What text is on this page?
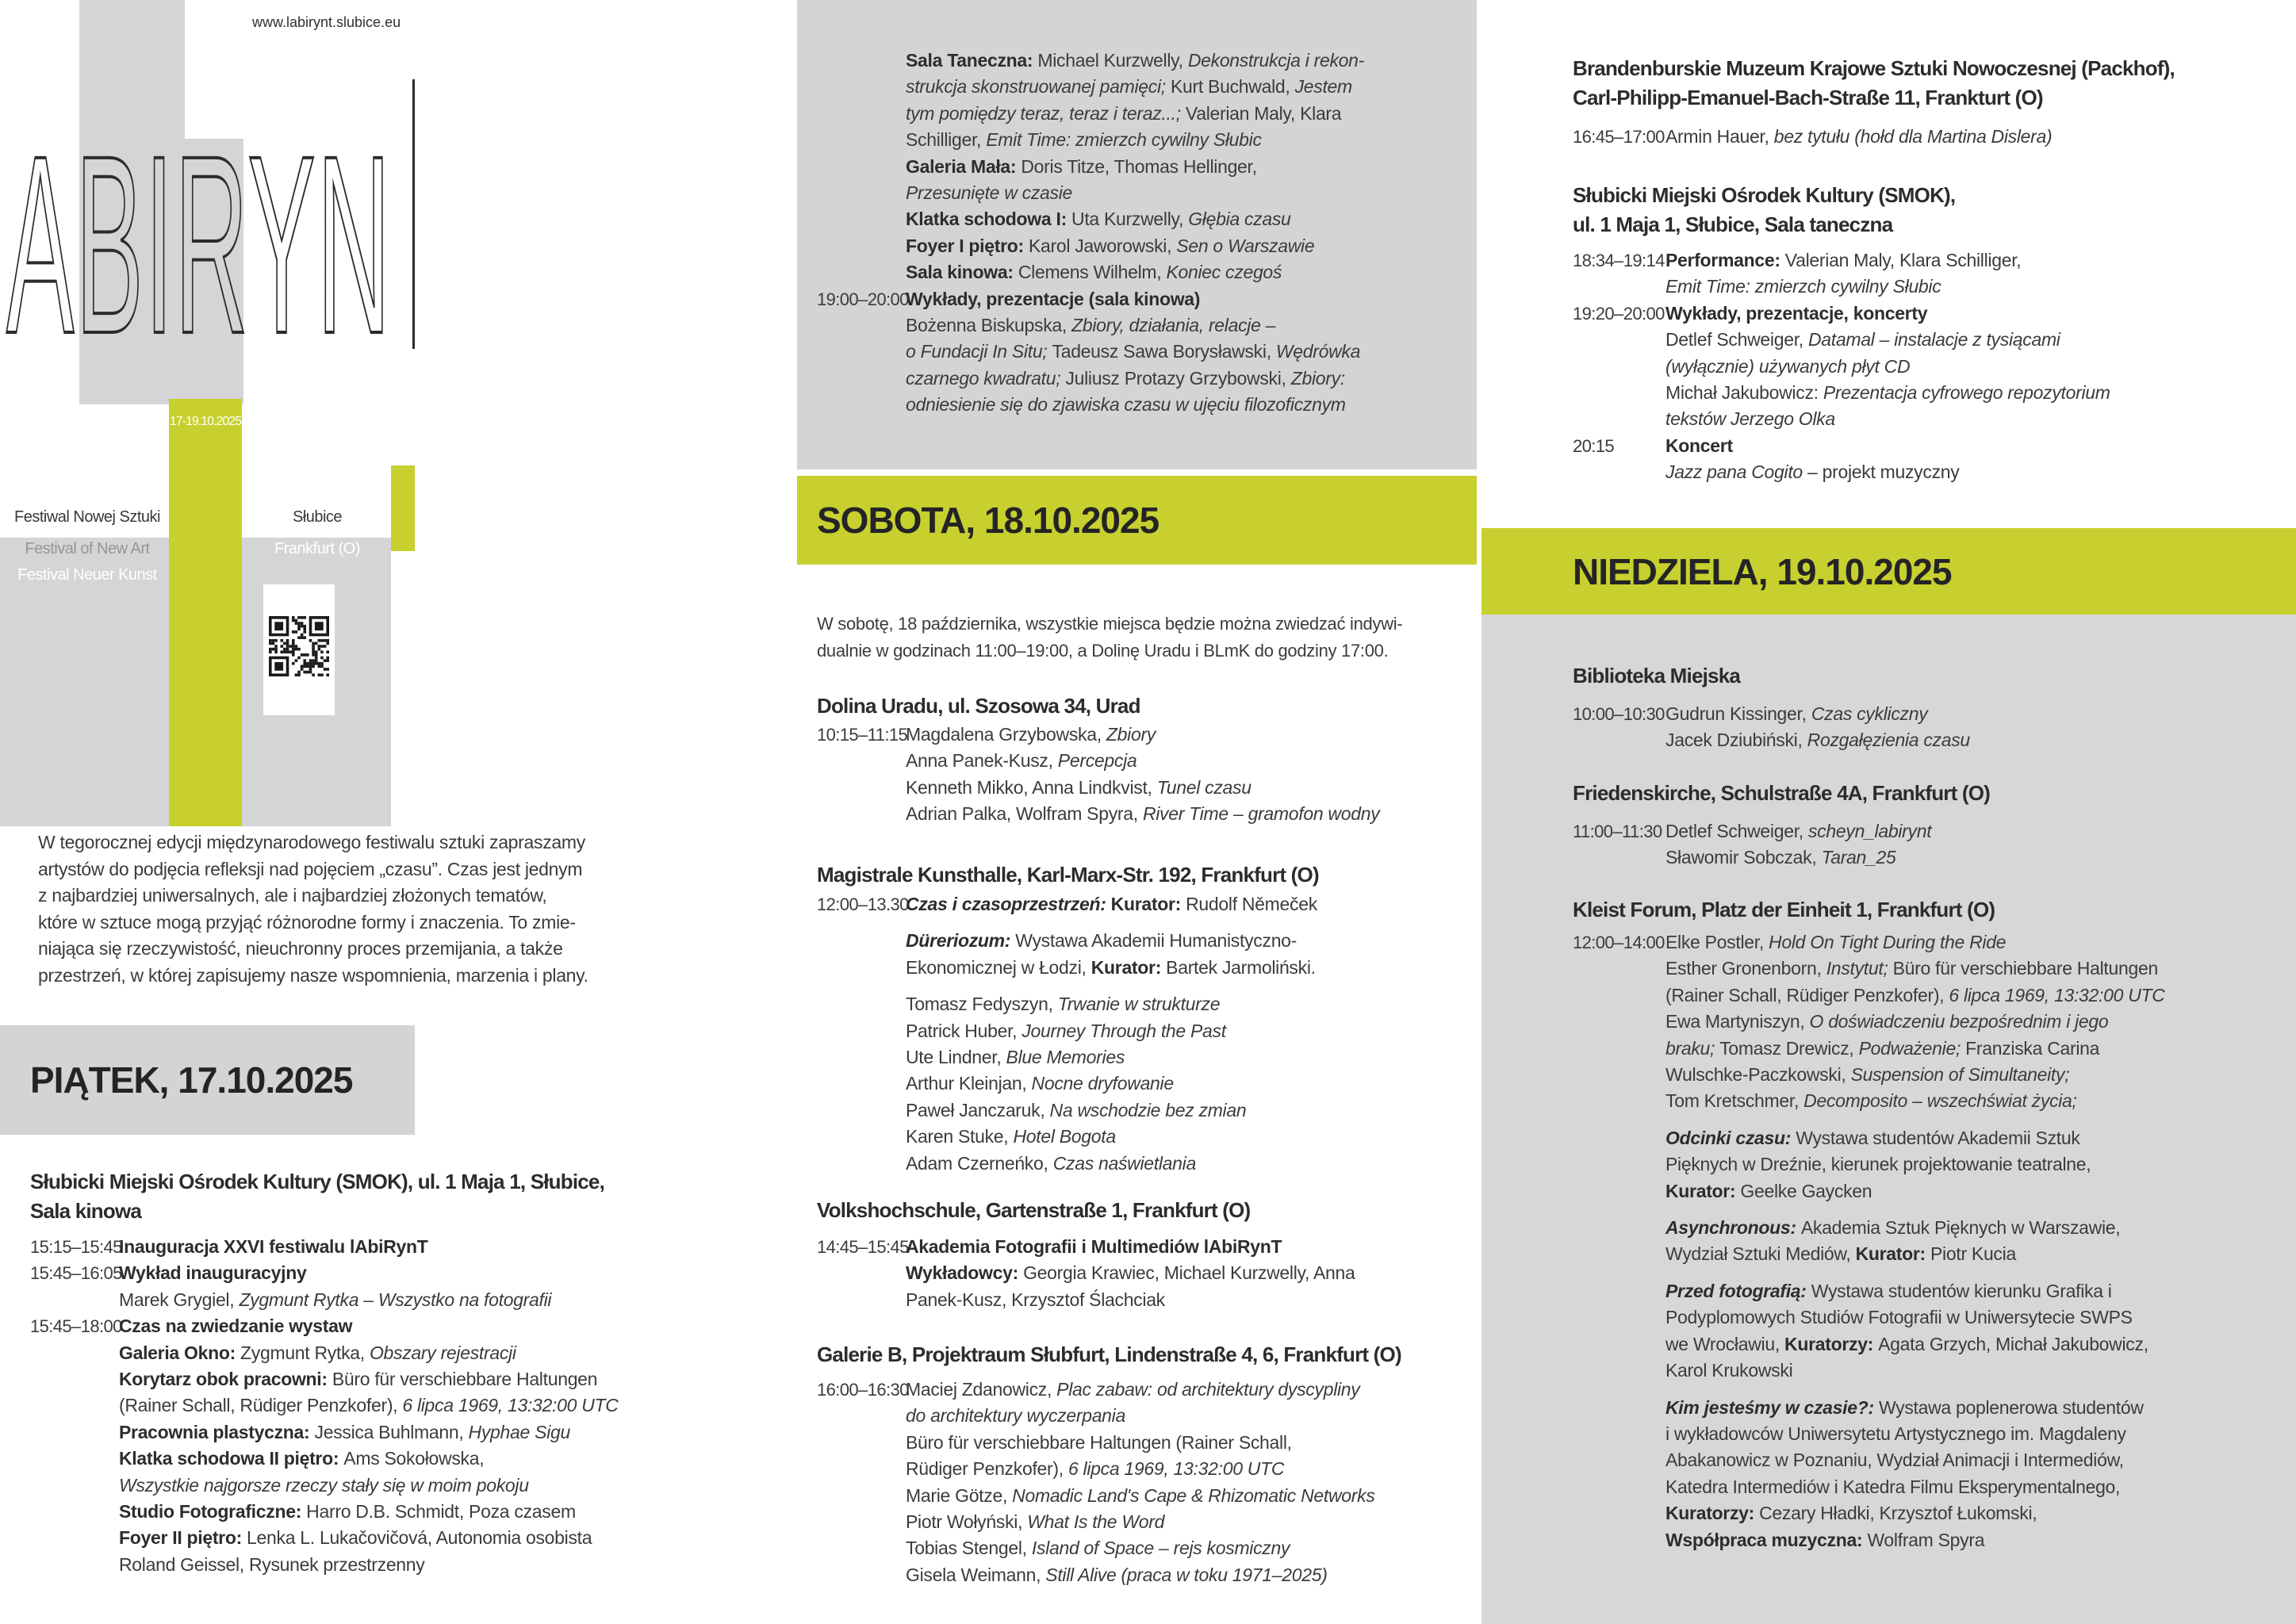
www.labirynt.slubice.eu
ABIRYN
17-19.10.2025
Festiwal Nowej Sztuki
Festival of New Art
Festival Neuer Kunst
Słubice
Frankfurt (O)
W tegorocznej edycji międzynarodowego festiwalu sztuki zapraszamy
artystów do podjęcia refleksji nad pojęciem „czasu”. Czas jest jednym
z najbardziej uniwersalnych, ale i najbardziej złożonych tematów,
które w sztuce mogą przyjąć różnorodne formy i znaczenia. To zmie-
niająca się rzeczywistość, nieuchronny proces przemijania, a także
przestrzeń, w której zapisujemy nasze wspomnienia, marzenia i plany.
PIĄTEK, 17.10.2025
Słubicki Miejski Ośrodek Kultury (SMOK), ul. 1 Maja 1, Słubice,
Sala kinowa
15:15–15:45Inauguracja XXVI festiwalu lAbiRynT
15:45–16:05Wykład inauguracyjny
Marek Grygiel, Zygmunt Rytka – Wszystko na fotografii
15:45–18:00Czas na zwiedzanie wystaw
Galeria Okno: Zygmunt Rytka, Obszary rejestracji
Korytarz obok pracowni: Büro für verschiebbare Haltungen
(Rainer Schall, Rüdiger Penzkofer), 6 lipca 1969, 13:32:00 UTC
Pracownia plastyczna: Jessica Buhlmann, Hyphae Sigu
Klatka schodowa II piętro: Ams Sokołowska,
Wszystkie najgorsze rzeczy stały się w moim pokoju
Studio Fotograficzne: Harro D.B. Schmidt, Poza czasem
Foyer II piętro: Lenka L. Lukačovičová, Autonomia osobista
Roland Geissel, Rysunek przestrzenny
Sala Taneczna: Michael Kurzwelly, Dekonstrukcja i rekon-
strukcja skonstruowanej pamięci; Kurt Buchwald, Jestem
tym pomiędzy teraz, teraz i teraz...; Valerian Maly, Klara
Schilliger, Emit Time: zmierzch cywilny Słubic
Galeria Mała: Doris Titze, Thomas Hellinger,
Przesunięte w czasie
Klatka schodowa I: Uta Kurzwelly, Głębia czasu
Foyer I piętro: Karol Jaworowski, Sen o Warszawie
Sala kinowa: Clemens Wilhelm, Koniec czegoś
19:00–20:00Wykłady, prezentacje (sala kinowa)
Bożenna Biskupska, Zbiory, działania, relacje –
o Fundacji In Situ; Tadeusz Sawa Borysławski, Wędrówka
czarnego kwadratu; Juliusz Protazy Grzybowski, Zbiory:
odniesienie się do zjawiska czasu w ujęciu filozoficznym
SOBOTA, 18.10.2025
W sobotę, 18 października, wszystkie miejsca będzie można zwiedzać indywi-
dualnie w godzinach 11:00–19:00, a Dolinę Uradu i BLmK do godziny 17:00.
Dolina Uradu, ul. Szosowa 34, Urad
10:15–11:15Magdalena Grzybowska, Zbiory
Anna Panek-Kusz, Percepcja
Kenneth Mikko, Anna Lindkvist, Tunel czasu
Adrian Palka, Wolfram Spyra, River Time – gramofon wodny
Magistrale Kunsthalle, Karl-Marx-Str. 192, Frankfurt (O)
12:00–13.30Czas i czasoprzestrzeń: Kurator: Rudolf Němeček
Düreriozum: Wystawa Akademii Humanistyczno-
Ekonomicznej w Łodzi, Kurator: Bartek Jarmoliński.
Tomasz Fedyszyn, Trwanie w strukturze
Patrick Huber, Journey Through the Past
Ute Lindner, Blue Memories
Arthur Kleinjan, Nocne dryfowanie
Paweł Janczaruk, Na wschodzie bez zmian
Karen Stuke, Hotel Bogota
Adam Czerneńko, Czas naświetlania
Volkshochschule, Gartenstraße 1, Frankfurt (O)
14:45–15:45Akademia Fotografii i Multimediów lAbiRynT
Wykładowcy: Georgia Krawiec, Michael Kurzwelly, Anna
Panek-Kusz, Krzysztof Ślachciak
Galerie B, Projektraum Słubfurt, Lindenstraße 4, 6, Frankfurt (O)
16:00–16:30Maciej Zdanowicz, Plac zabaw: od architektury dyscypliny
do architektury wyczerpania
Büro für verschiebbare Haltungen (Rainer Schall,
Rüdiger Penzkofer), 6 lipca 1969, 13:32:00 UTC
Marie Götze, Nomadic Land's Cape & Rhizomatic Networks
Piotr Wołyński, What Is the Word
Tobias Stengel, Island of Space – rejs kosmiczny
Gisela Weimann, Still Alive (praca w toku 1971–2025)
Brandenburskie Muzeum Krajowe Sztuki Nowoczesnej (Packhof),
Carl-Philipp-Emanuel-Bach-Straße 11, Frankturt (O)
16:45–17:00Armin Hauer, bez tytułu (hołd dla Martina Dislera)
Słubicki Miejski Ośrodek Kultury (SMOK),
ul. 1 Maja 1, Słubice, Sala taneczna
18:34–19:14Performance: Valerian Maly, Klara Schilliger,
Emit Time: zmierzch cywilny Słubic
19:20–20:00Wykłady, prezentacje, koncerty
Detlef Schweiger, Datamal – instalacje z tysiącami
(wyłącznie) używanych płyt CD
Michał Jakubowicz: Prezentacja cyfrowego repozytorium
tekstów Jerzego Olka
20:15	Koncert
Jazz pana Cogito – projekt muzyczny
NIEDZIELA, 19.10.2025
Biblioteka Miejska
10:00–10:30Gudrun Kissinger, Czas cykliczny
Jacek Dziubiński, Rozgałęzienia czasu
Friedenskirche, Schulstraße 4A, Frankfurt (O)
11:00–11:30 Detlef Schweiger, scheyn_labirynt
Sławomir Sobczak, Taran_25
Kleist Forum, Platz der Einheit 1, Frankfurt (O)
12:00–14:00Elke Postler, Hold On Tight During the Ride
Esther Gronenborn, Instytut; Büro für verschiebbare Haltungen
(Rainer Schall, Rüdiger Penzkofer), 6 lipca 1969, 13:32:00 UTC
Ewa Martyniszyn, O doświadczeniu bezpośrednim i jego
braku; Tomasz Drewicz, Podważenie; Franziska Carina
Wulschke-Paczkowski, Suspension of Simultaneity;
Tom Kretschmer, Decomposito – wszechświat życia;
Odcinki czasu: Wystawa studentów Akademii Sztuk
Pięknych w Dreźnie, kierunek projektowanie teatralne,
Kurator: Geelke Gaycken
Asynchronous: Akademia Sztuk Pięknych w Warszawie,
Wydział Sztuki Mediów, Kurator: Piotr Kucia
Przed fotografią: Wystawa studentów kierunku Grafika i
Podyplomowych Studiów Fotografii w Uniwersytecie SWPS
we Wrocławiu, Kuratorzy: Agata Grzych, Michał Jakubowicz,
Karol Krukowski
Kim jesteśmy w czasie?: Wystawa poplenerowa studentów
i wykładowców Uniwersytetu Artystycznego im. Magdaleny
Abakanowicz w Poznaniu, Wydział Animacji i Intermediów,
Katedra Intermediów i Katedra Filmu Eksperymentalnego,
Kuratorzy: Cezary Hładki, Krzysztof Łukomski,
Współpraca muzyczna: Wolfram Spyra
